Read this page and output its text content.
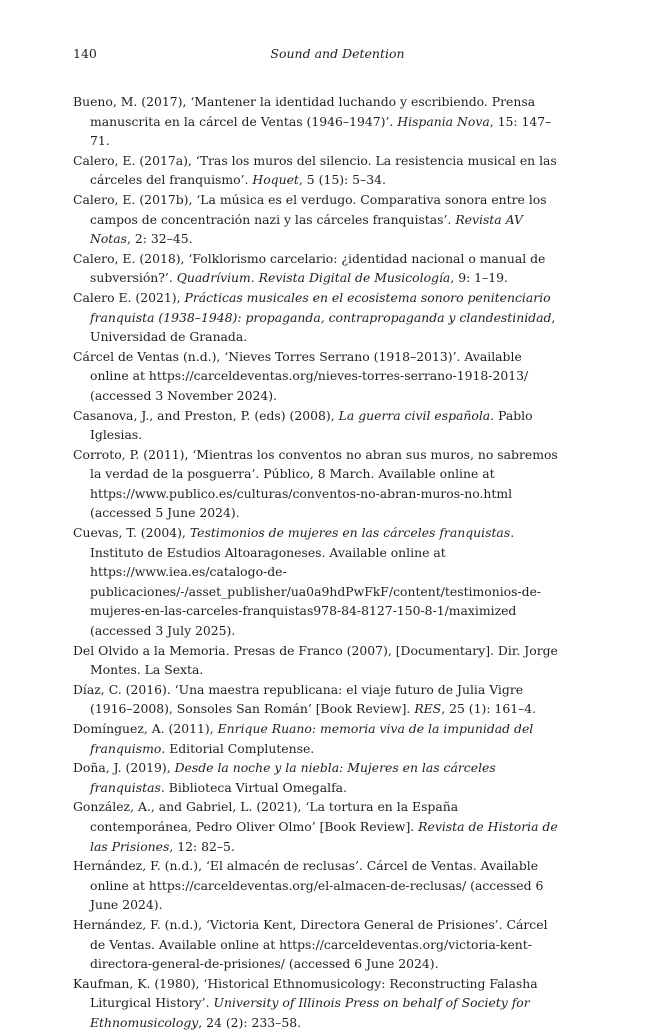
140	Sound and Detention
Bueno, M. (2017), ‘Mantener la identidad luchando y escribiendo. Prensa manuscrita en la cárcel de Ventas (1946–1947)’. Hispania Nova, 15: 147–71.
Calero, E. (2017a), ‘Tras los muros del silencio. La resistencia musical en las cárceles del franquismo’. Hoquet, 5 (15): 5–34.
Calero, E. (2017b), ‘La música es el verdugo. Comparativa sonora entre los campos de concentración nazi y las cárceles franquistas’. Revista AV Notas, 2: 32–45.
Calero, E. (2018), ‘Folklorismo carcelario: ¿identidad nacional o manual de subversión?’. Quadrívium. Revista Digital de Musicología, 9: 1–19.
Calero E. (2021), Prácticas musicales en el ecosistema sonoro penitenciario franquista (1938–1948): propaganda, contrapropaganda y clandestinidad, Universidad de Granada.
Cárcel de Ventas (n.d.), ‘Nieves Torres Serrano (1918–2013)’. Available online at https://carceldeventas.org/nieves-torres-serrano-1918-2013/ (accessed 3 November 2024).
Casanova, J., and Preston, P. (eds) (2008), La guerra civil española. Pablo Iglesias.
Corroto, P. (2011), ‘Mientras los conventos no abran sus muros, no sabremos la verdad de la posguerra’. Público, 8 March. Available online at https://www.publico.es/culturas/conventos-no-abran-muros-no.html (accessed 5 June 2024).
Cuevas, T. (2004), Testimonios de mujeres en las cárceles franquistas. Instituto de Estudios Altoaragoneses. Available online at https://www.iea.es/catalogo-de-publicaciones/-/asset_publisher/ua0a9hdPwFkF/content/testimonios-de-mujeres-en-las-carceles-franquistas978-84-8127-150-8-1/maximized (accessed 3 July 2025).
Del Olvido a la Memoria. Presas de Franco (2007), [Documentary]. Dir. Jorge Montes. La Sexta.
Díaz, C. (2016). ‘Una maestra republicana: el viaje futuro de Julia Vigre (1916–2008), Sonsoles San Román’ [Book Review]. RES, 25 (1): 161–4.
Domínguez, A. (2011), Enrique Ruano: memoria viva de la impunidad del franquismo. Editorial Complutense.
Doña, J. (2019), Desde la noche y la niebla: Mujeres en las cárceles franquistas. Biblioteca Virtual Omegalfa.
González, A., and Gabriel, L. (2021), ‘La tortura en la España contemporánea, Pedro Oliver Olmo’ [Book Review]. Revista de Historia de las Prisiones, 12: 82–5.
Hernández, F. (n.d.), ‘El almacén de reclusas’. Cárcel de Ventas. Available online at https://carceldeventas.org/el-almacen-de-reclusas/ (accessed 6 June 2024).
Hernández, F. (n.d.), ‘Victoria Kent, Directora General de Prisiones’. Cárcel de Ventas. Available online at https://carceldeventas.org/victoria-kent-directora-general-de-prisiones/ (accessed 6 June 2024).
Kaufman, K. (1980), ‘Historical Ethnomusicology: Reconstructing Falasha Liturgical History’. University of Illinois Press on behalf of Society for Ethnomusicology, 24 (2): 233–58.
